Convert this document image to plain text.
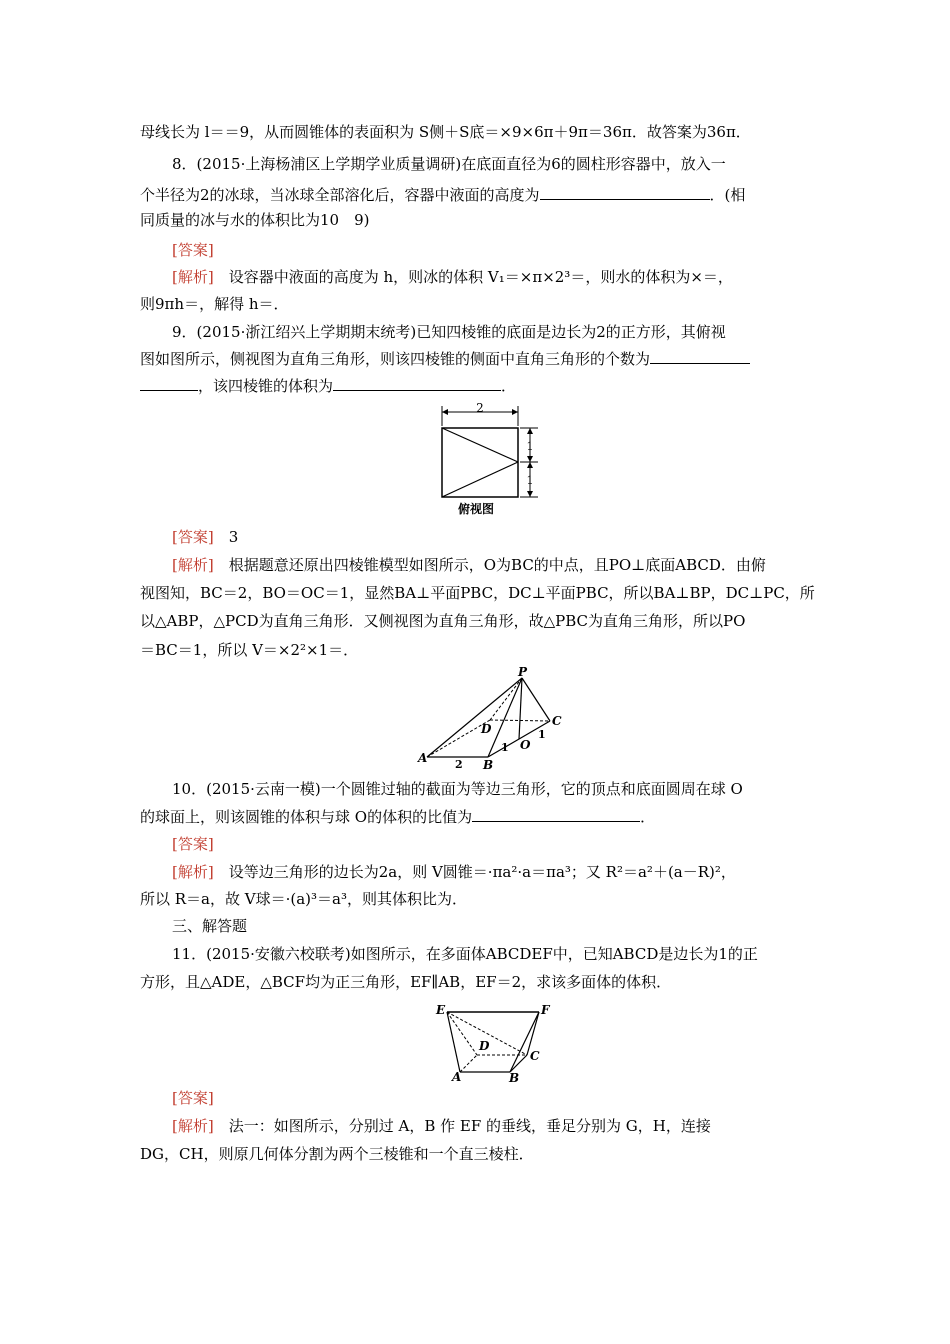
母线长为 l＝＝9，从而圆锥体的表面积为 S侧＋S底＝×9×6π＋9π＝36π．故答案为36π．
8．(2015·上海杨浦区上学期学业质量调研)在底面直径为6的圆柱形容器中，放入一
个半径为2的冰球，当冰球全部溶化后，容器中液面的高度为	．(相
同质量的冰与水的体积比为10　9)
[答案]
[解析]　设容器中液面的高度为 h，则冰的体积 V₁＝×π×2³＝，则水的体积为×＝，
则9πh＝，解得 h＝．
9．(2015·浙江绍兴上学期期末统考)已知四棱锥的底面是边长为2的正方形，其俯视
图如图所示，侧视图为直角三角形，则该四棱锥的侧面中直角三角形的个数为
，该四棱锥的体积为	．
2
1
1
俯视图
[答案]　3
[解析]　根据题意还原出四棱锥模型如图所示，O为BC的中点，且PO⊥底面ABCD．由俯
视图知，BC＝2，BO＝OC＝1，显然BA⊥平面PBC，DC⊥平面PBC，所以BA⊥BP，DC⊥PC，所
以△ABP，△PCD为直角三角形．又侧视图为直角三角形，故△PBC为直角三角形，所以PO
＝BC＝1，所以 V＝×2²×1＝．
P
A	B
C
D
O
2
1
1
10．(2015·云南一模)一个圆锥过轴的截面为等边三角形，它的顶点和底面圆周在球 O
的球面上，则该圆锥的体积与球 O的体积的比值为	．
[答案]
[解析]　设等边三角形的边长为2a，则 V圆锥＝·πa²·a＝πa³；又 R²＝a²＋(a－R)²，
所以 R＝a，故 V球＝·(a)³＝a³，则其体积比为．
三、解答题
11．(2015·安徽六校联考)如图所示，在多面体ABCDEF中，已知ABCD是边长为1的正
方形，且△ADE，△BCF均为正三角形，EF∥AB，EF＝2，求该多面体的体积．
E	F
A	B
C
D
[答案]
[解析]　法一：如图所示，分别过 A，B 作 EF 的垂线，垂足分别为 G，H，连接
DG，CH，则原几何体分割为两个三棱锥和一个直三棱柱．
